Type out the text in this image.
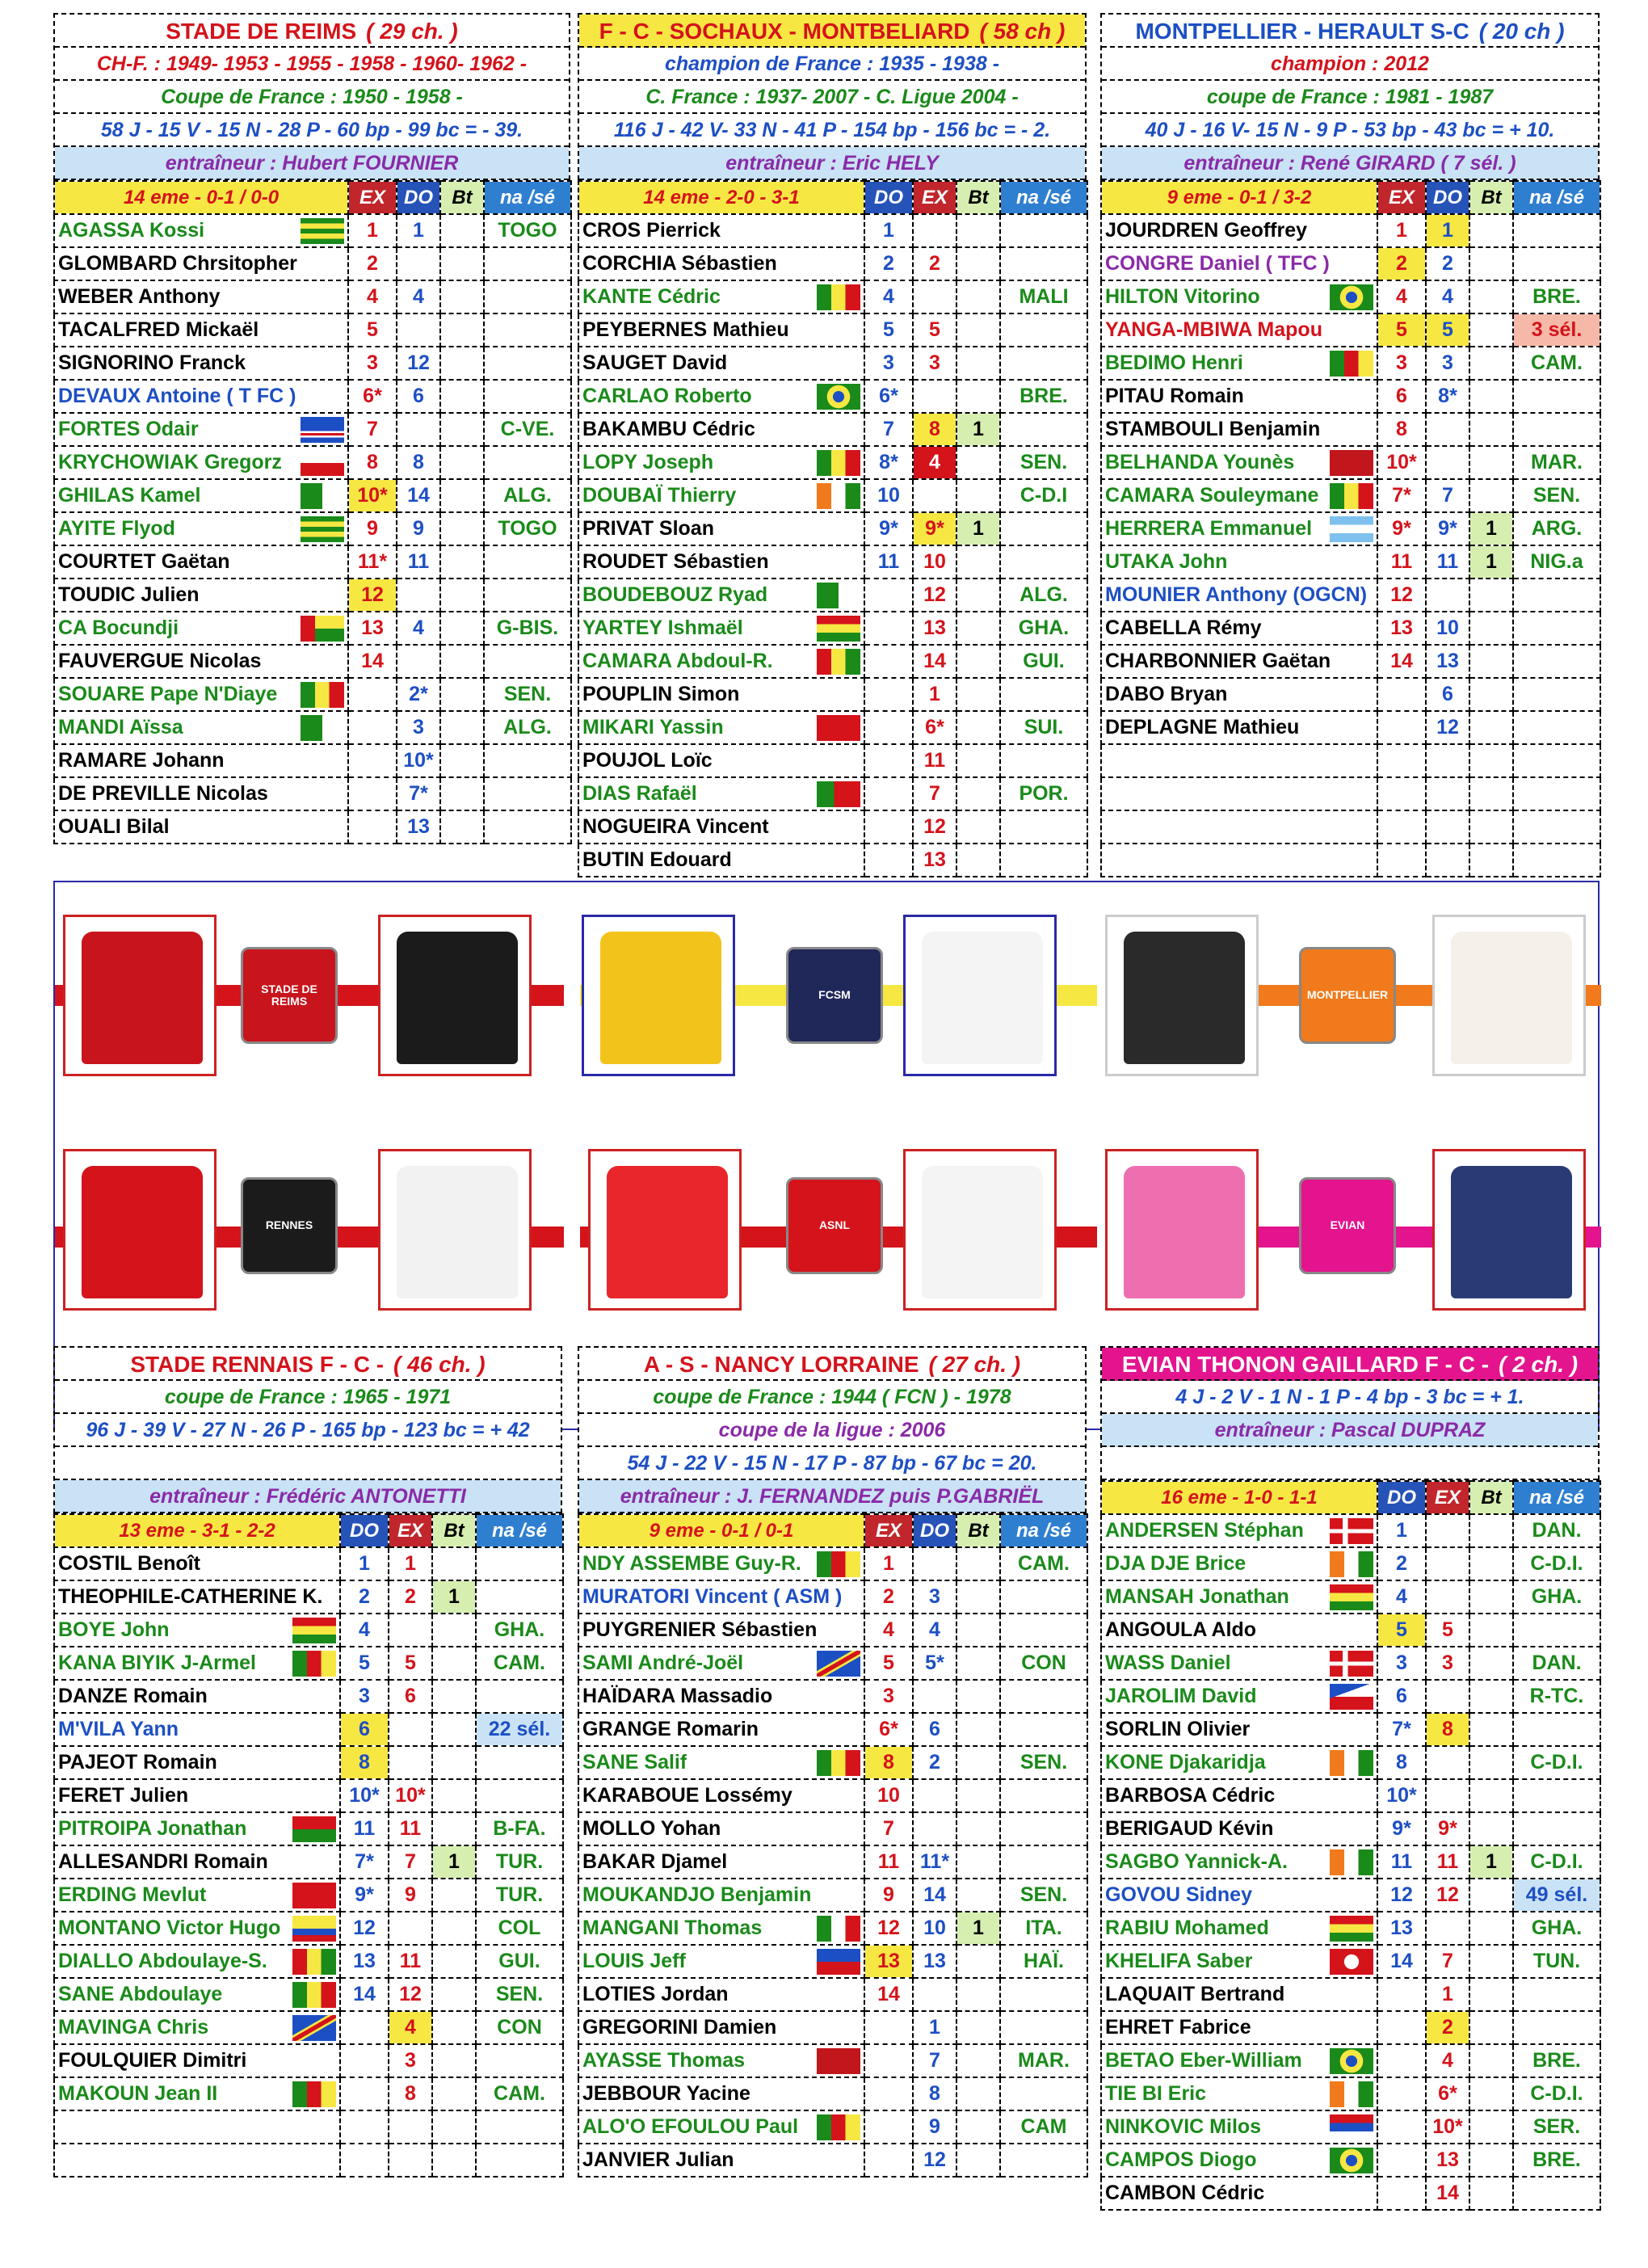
STADE DE REIMS	FCSM	MONTPELLIER
RENNES	ASNL	EVIAN
STADE DE REIMS ( 29 ch. )
CH-F. : 1949- 1953 - 1955 - 1958 - 1960- 1962 -
Coupe de France : 1950 - 1958 -
58 J - 15 V - 15 N - 28 P - 60 bp - 99 bc = - 39.
entraîneur : Hubert FOURNIER
14 eme - 0-1 / 0-0	EX	DO	Bt	na /sé

AGASSA Kossi	1	1		TOGO

GLOMBARD Chrsitopher	2			

WEBER Anthony	4	4		

TACALFRED Mickaël	5			

SIGNORINO Franck	3	12		

DEVAUX Antoine ( T FC )	6*	6		

FORTES Odair	7			C-VE.

KRYCHOWIAK Gregorz	8	8		

GHILAS Kamel	10*	14		ALG.

AYITE Flyod	9	9		TOGO

COURTET Gaëtan	11*	11		

TOUDIC Julien	12			

CA Bocundji	13	4		G-BIS.

FAUVERGUE Nicolas	14			

SOUARE Pape N'Diaye		2*		SEN.

MANDI Aïssa		3		ALG.

RAMARE Johann		10*		

DE PREVILLE Nicolas		7*		

OUALI Bilal		13		
F - C - SOCHAUX - MONTBELIARD ( 58 ch )
champion de France : 1935 - 1938 -
C. France : 1937- 2007 - C. Ligue 2004 -
116 J - 42 V- 33 N - 41 P - 154 bp - 156 bc = - 2.
entraîneur : Eric HELY
14 eme - 2-0 - 3-1	DO	EX	Bt	na /sé

CROS Pierrick	1			

CORCHIA Sébastien	2	2		

KANTE Cédric	4			MALI

PEYBERNES Mathieu	5	5		

SAUGET David	3	3		

CARLAO Roberto	6*			BRE.

BAKAMBU Cédric	7	8	1	

LOPY Joseph	8*	4		SEN.

DOUBAÏ Thierry	10			C-D.I

PRIVAT Sloan	9*	9*	1	

ROUDET Sébastien	11	10		

BOUDEBOUZ Ryad		12		ALG.

YARTEY Ishmaël		13		GHA.

CAMARA Abdoul-R.		14		GUI.

POUPLIN Simon		1		

MIKARI Yassin		6*		SUI.

POUJOL Loïc		11		

DIAS Rafaël		7		POR.

NOGUEIRA Vincent		12		

BUTIN Edouard		13		
MONTPELLIER - HERAULT S-C ( 20 ch )
champion : 2012
coupe de France : 1981 - 1987
40 J - 16 V- 15 N - 9 P - 53 bp - 43 bc = + 10.
entraîneur : René GIRARD ( 7 sél. )
9 eme - 0-1 / 3-2	EX	DO	Bt	na /sé

JOURDREN Geoffrey	1	1		

CONGRE Daniel ( TFC )	2	2		

HILTON Vitorino	4	4		BRE.

YANGA-MBIWA Mapou	5	5		3 sél.

BEDIMO Henri	3	3		CAM.

PITAU Romain	6	8*		

STAMBOULI Benjamin	8			

BELHANDA Younès	10*			MAR.

CAMARA Souleymane	7*	7		SEN.

HERRERA Emmanuel	9*	9*	1	ARG.

UTAKA John	11	11	1	NIG.a

MOUNIER Anthony (OGCN)	12			

CABELLA Rémy	13	10		

CHARBONNIER Gaëtan	14	13		

DABO Bryan		6		

DEPLAGNE Mathieu		12		

STADE RENNAIS F - C - ( 46 ch. )
coupe de France : 1965 - 1971
96 J - 39 V - 27 N - 26 P - 165 bp - 123 bc = + 42
entraîneur : Frédéric ANTONETTI
13 eme - 3-1 - 2-2	DO	EX	Bt	na /sé

COSTIL Benoît	1	1		

THEOPHILE-CATHERINE K.	2	2	1	

BOYE John	4			GHA.

KANA BIYIK J-Armel	5	5		CAM.

DANZE Romain	3	6		

M'VILA Yann	6			22 sél.

PAJEOT Romain	8			

FERET Julien	10*	10*		

PITROIPA Jonathan	11	11		B-FA.

ALLESANDRI Romain	7*	7	1	TUR.

ERDING Mevlut	9*	9		TUR.

MONTANO Victor Hugo	12			COL

DIALLO Abdoulaye-S.	13	11		GUI.

SANE Abdoulaye	14	12		SEN.

MAVINGA Chris		4		CON

FOULQUIER Dimitri		3		

MAKOUN Jean II		8		CAM.

A - S - NANCY LORRAINE ( 27 ch. )
coupe de France : 1944 ( FCN ) - 1978
coupe de la ligue : 2006
54 J - 22 V - 15 N - 17 P - 87 bp - 67 bc = 20.
entraîneur : J. FERNANDEZ puis P.GABRIËL
9 eme - 0-1 / 0-1	EX	DO	Bt	na /sé

NDY ASSEMBE Guy-R.	1			CAM.

MURATORI Vincent ( ASM )	2	3		

PUYGRENIER Sébastien	4	4		

SAMI André-Joël	5	5*		CON

HAÏDARA Massadio	3			

GRANGE Romarin	6*	6		

SANE Salif	8	2		SEN.

KARABOUE Lossémy	10			

MOLLO Yohan	7			

BAKAR Djamel	11	11*		

MOUKANDJO Benjamin	9	14		SEN.

MANGANI Thomas	12	10	1	ITA.

LOUIS Jeff	13	13		HAÏ.

LOTIES Jordan	14			

GREGORINI Damien		1		

AYASSE Thomas		7		MAR.

JEBBOUR Yacine		8		

ALO'O EFOULOU Paul		9		CAM

JANVIER Julian		12		
EVIAN THONON GAILLARD F - C - ( 2 ch. )
4 J - 2 V - 1 N - 1 P - 4 bp - 3 bc = + 1.
entraîneur : Pascal DUPRAZ
16 eme - 1-0 - 1-1	DO	EX	Bt	na /sé

ANDERSEN Stéphan	1			DAN.

DJA DJE Brice	2			C-D.I.

MANSAH Jonathan	4			GHA.

ANGOULA Aldo	5	5		

WASS Daniel	3	3		DAN.

JAROLIM David	6			R-TC.

SORLIN Olivier	7*	8		

KONE Djakaridja	8			C-D.I.

BARBOSA Cédric	10*			

BERIGAUD Kévin	9*	9*		

SAGBO Yannick-A.	11	11	1	C-D.I.

GOVOU Sidney	12	12		49 sél.

RABIU Mohamed	13			GHA.

KHELIFA Saber	14	7		TUN.

LAQUAIT Bertrand		1		

EHRET Fabrice		2		

BETAO Eber-William		4		BRE.

TIE BI Eric		6*		C-D.I.

NINKOVIC Milos		10*		SER.

CAMPOS Diogo		13		BRE.

CAMBON Cédric		14		
